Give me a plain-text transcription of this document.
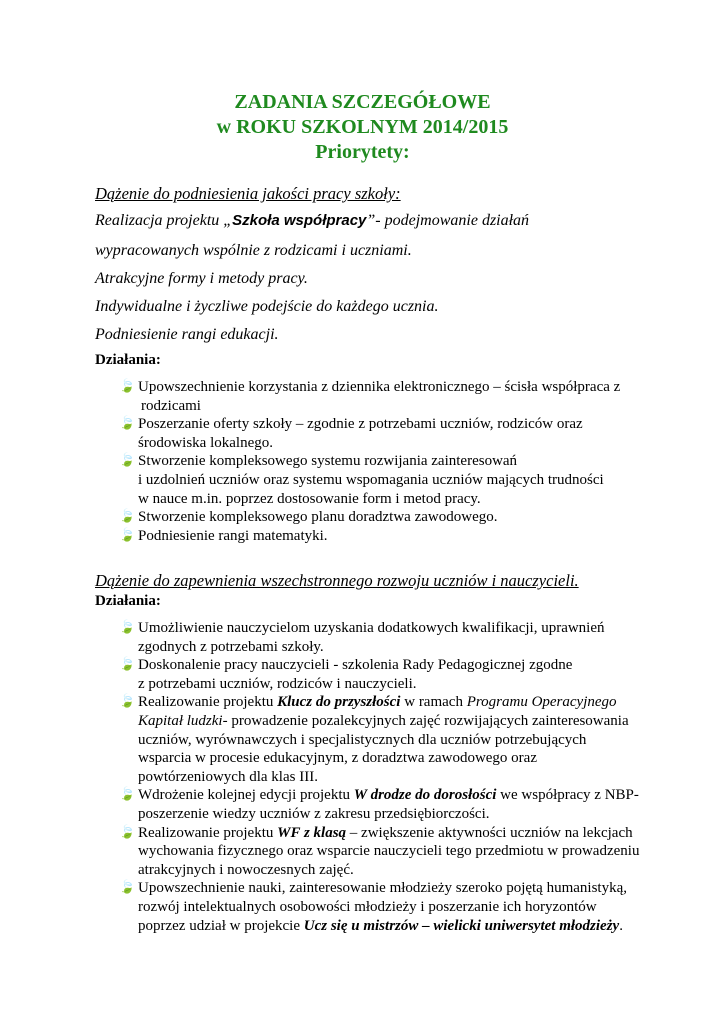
ZADANIA SZCZEGÓŁOWE
w ROKU SZKOLNYM 2014/2015
Priorytety:
Dążenie do podniesienia jakości pracy szkoły:
Realizacja projektu „Szkoła współpracy”- podejmowanie działań
wypracowanych wspólnie z rodzicami i uczniami.
Atrakcyjne formy i metody pracy.
Indywidualne i życzliwe podejście do każdego ucznia.
Podniesienie rangi edukacji.
Działania:
🍃 Upowszechnienie korzystania z dziennika elektronicznego – ścisła współpraca z
rodzicami
🍃 Poszerzanie oferty szkoły – zgodnie z potrzebami uczniów, rodziców oraz
środowiska lokalnego.
🍃 Stworzenie kompleksowego systemu rozwijania zainteresowań
i uzdolnień uczniów oraz systemu wspomagania uczniów mających trudności
w nauce m.in. poprzez dostosowanie form i metod pracy.
🍃 Stworzenie kompleksowego planu doradztwa zawodowego.
🍃 Podniesienie rangi matematyki.
Dążenie do zapewnienia wszechstronnego rozwoju uczniów i nauczycieli.
Działania:
🍃 Umożliwienie nauczycielom uzyskania dodatkowych kwalifikacji, uprawnień
zgodnych z potrzebami szkoły.
🍃 Doskonalenie pracy nauczycieli - szkolenia Rady Pedagogicznej zgodne
z potrzebami uczniów, rodziców i nauczycieli.
🍃 Realizowanie projektu Klucz do przyszłości w ramach Programu Operacyjnego
Kapitał ludzki- prowadzenie pozalekcyjnych zajęć rozwijających zainteresowania
uczniów, wyrównawczych i specjalistycznych dla uczniów potrzebujących
wsparcia w procesie edukacyjnym, z doradztwa zawodowego oraz
powtórzeniowych dla klas III.
🍃 Wdrożenie kolejnej edycji projektu W drodze do dorosłości we współpracy z NBP-
poszerzenie wiedzy uczniów z zakresu przedsiębiorczości.
🍃 Realizowanie projektu WF z klasą – zwiększenie aktywności uczniów na lekcjach
wychowania fizycznego oraz wsparcie nauczycieli tego przedmiotu w prowadzeniu
atrakcyjnych i nowoczesnych zajęć.
🍃 Upowszechnienie nauki, zainteresowanie młodzieży szeroko pojętą humanistyką,
rozwój intelektualnych osobowości młodzieży i poszerzanie ich horyzontów
poprzez udział w projekcie Ucz się u mistrzów – wielicki uniwersytet młodzieży.
